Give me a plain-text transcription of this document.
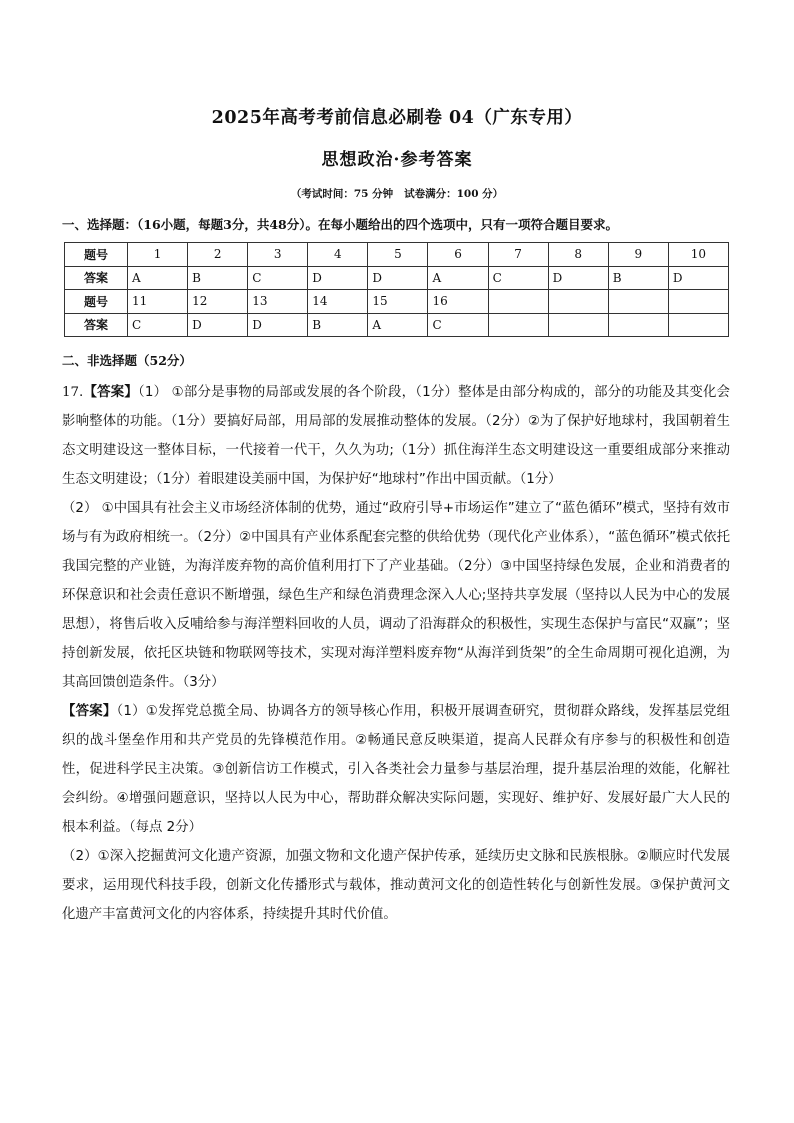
2025年高考考前信息必刷卷 04（广东专用）
思想政治·参考答案
（考试时间：75 分钟   试卷满分：100 分）
一、选择题：（16小题，每题3分，共48分）。在每小题给出的四个选项中，只有一项符合题目要求。
题号	1	2	3	4	5	6	7	8	9	10
答案	A	B	C	D	D	A	C	D	B	D
题号	11	12	13	14	15	16				
答案	C	D	D	B	A	C				
二、非选择题（52分）

17.【答案】（1） ①部分是事物的局部或发展的各个阶段，（1分）整体是由部分构成的，部分的功能及其变化会影响整体的功能。（1分）要搞好局部，用局部的发展推动整体的发展。（2分）②为了保护好地球村，我国朝着生态文明建设这一整体目标，一代接着一代干，久久为功;（1分）抓住海洋生态文明建设这一重要组成部分来推动生态文明建设；（1分）着眼建设美丽中国，为保护好“地球村”作出中国贡献。（1分）

（2） ①中国具有社会主义市场经济体制的优势，通过“政府引导+市场运作”建立了“蓝色循环”模式，坚持有效市场与有为政府相统一。（2分）②中国具有产业体系配套完整的供给优势（现代化产业体系），“蓝色循环”模式依托我国完整的产业链，为海洋废弃物的高价值利用打下了产业基础。（2分）③中国坚持绿色发展，企业和消费者的环保意识和社会责任意识不断增强，绿色生产和绿色消费理念深入人心;坚持共享发展（坚持以人民为中心的发展思想），将售后收入反哺给参与海洋塑料回收的人员，调动了沿海群众的积极性，实现生态保护与富民“双赢”；坚持创新发展，依托区块链和物联网等技术，实现对海洋塑料废弃物“从海洋到货架”的全生命周期可视化追溯，为其高回馈创造条件。（3分）

【答案】（1）①发挥党总揽全局、协调各方的领导核心作用，积极开展调查研究，贯彻群众路线，发挥基层党组织的战斗堡垒作用和共产党员的先锋模范作用。②畅通民意反映渠道，提高人民群众有序参与的积极性和创造性，促进科学民主决策。③创新信访工作模式，引入各类社会力量参与基层治理，提升基层治理的效能，化解社会纠纷。④增强问题意识，坚持以人民为中心，帮助群众解决实际问题，实现好、维护好、发展好最广大人民的根本利益。（每点 2分）

（2）①深入挖掘黄河文化遗产资源，加强文物和文化遗产保护传承，延续历史文脉和民族根脉。②顺应时代发展要求，运用现代科技手段，创新文化传播形式与载体，推动黄河文化的创造性转化与创新性发展。③保护黄河文化遗产丰富黄河文化的内容体系，持续提升其时代价值。
